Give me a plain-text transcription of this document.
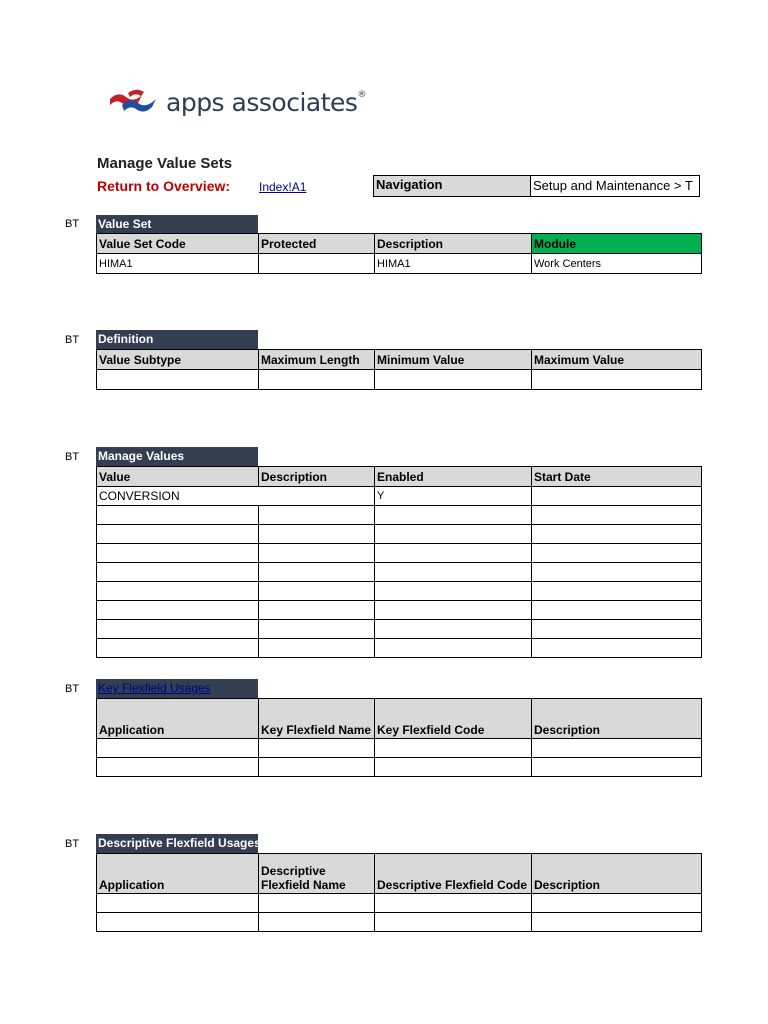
apps associates®
Manage Value Sets
Return to Overview: Index!A1	Navigation	Setup and Maintenance > T
BT Value Set
Value Set Code	Protected	Description	Module
HIMA1		HIMA1	Work Centers
BT Definition
Value Subtype	Maximum Length	Minimum Value	Maximum Value

BT Manage Values
Value	Description	Enabled	Start Date
CONVERSION		Y	

BT Key Flexfield Usages
Application	Key Flexfield Name	Key Flexfield Code	Description

BT Descriptive Flexfield Usages
Application	Descriptive Flexfield Name	Descriptive Flexfield Code	Description
